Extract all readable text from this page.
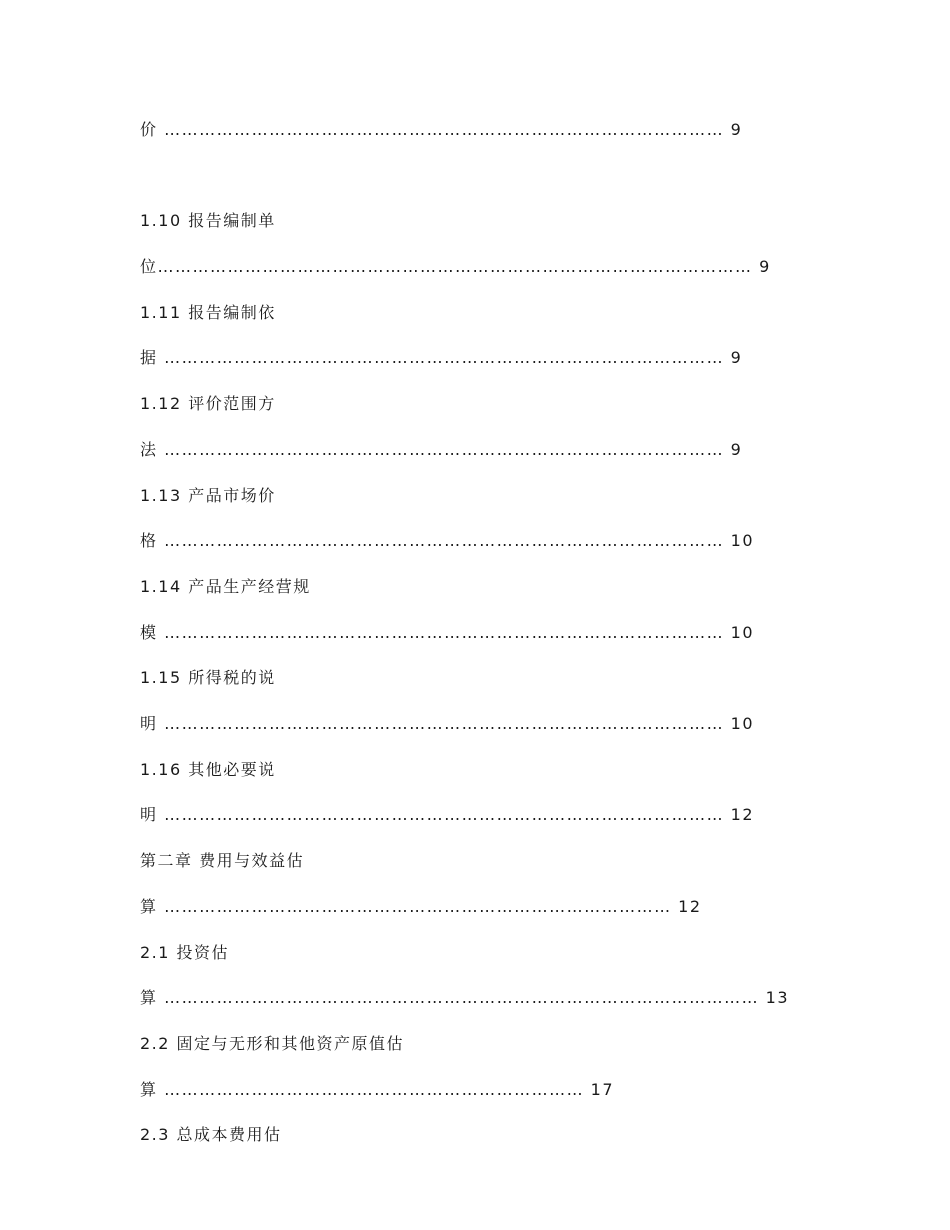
价 …………………………………………………………………………………… 9
1.10 报告编制单
位………………………………………………………………………………………… 9
1.11 报告编制依
据 …………………………………………………………………………………… 9
1.12 评价范围方
法 …………………………………………………………………………………… 9
1.13 产品市场价
格 …………………………………………………………………………………… 10
1.14 产品生产经营规
模 …………………………………………………………………………………… 10
1.15 所得税的说
明 …………………………………………………………………………………… 10
1.16 其他必要说
明 …………………………………………………………………………………… 12
第二章 费用与效益估
算 …………………………………………………………………………… 12
2.1 投资估
算 ………………………………………………………………………………………… 13
2.2 固定与无形和其他资产原值估
算 ……………………………………………………………… 17
2.3 总成本费用估
